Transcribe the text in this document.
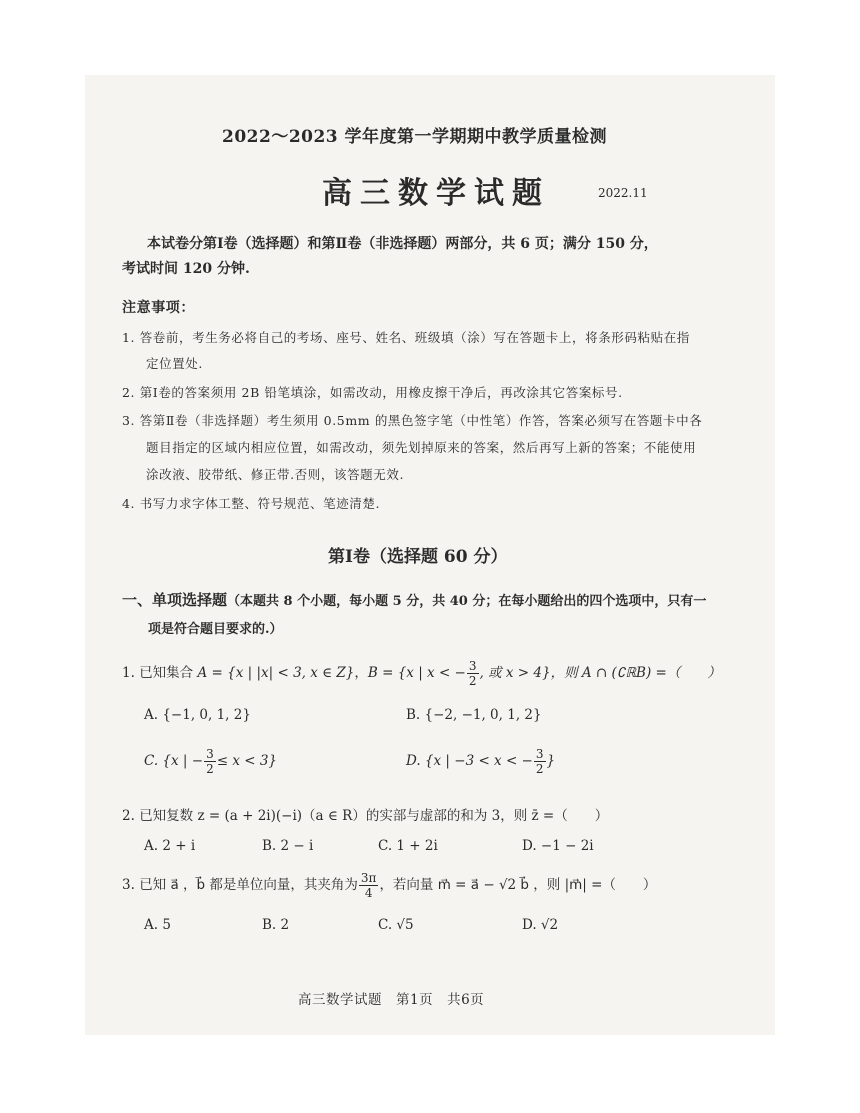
2022～2023 学年度第一学期期中教学质量检测
高三数学试题	2022.11
本试卷分第Ⅰ卷（选择题）和第Ⅱ卷（非选择题）两部分，共 6 页；满分 150 分，
考试时间 120 分钟.
注意事项：
1. 答卷前，考生务必将自己的考场、座号、姓名、班级填（涂）写在答题卡上，将条形码粘贴在指
定位置处.
2. 第Ⅰ卷的答案须用 2B 铅笔填涂，如需改动，用橡皮擦干净后，再改涂其它答案标号.
3. 答第Ⅱ卷（非选择题）考生须用 0.5mm 的黑色签字笔（中性笔）作答，答案必须写在答题卡中各
题目指定的区域内相应位置，如需改动，须先划掉原来的答案，然后再写上新的答案；不能使用
涂改液、胶带纸、修正带.否则，该答题无效.
4. 书写力求字体工整、符号规范、笔迹清楚.
第Ⅰ卷（选择题 60 分）
一、单项选择题（本题共 8 个小题，每小题 5 分，共 40 分；在每小题给出的四个选项中，只有一
项是符合题目要求的.）
1. 已知集合 A = {x | |x| < 3, x ∈ Z}，B = {x | x < − $\frac{3}{2}$ , 或 x > 4}，则 A ∩ (∁ℝB) =（　　）
A. {−1, 0, 1, 2}	B. {−2, −1, 0, 1, 2}
C. {x | − $\frac{3}{2} \le x < 3$}	D. {x | −3 < x < − $\frac{3}{2}$ }
2. 已知复数 z = (a + 2i)(−i)（a ∈ R）的实部与虚部的和为 3，则 z̄ =（　　）
A. 2 + i	B. 2 − i	C. 1 + 2i	D. −1 − 2i
3. 已知 a⃗ ，b⃗ 都是单位向量，其夹角为 $\frac{3\pi}{4}$ ，若向量 m⃗ = a⃗ − √2 b⃗ ，则 |m⃗| =（　　）
A. 5	B. 2	C. √5	D. √2
高三数学试题　第1页　共6页
